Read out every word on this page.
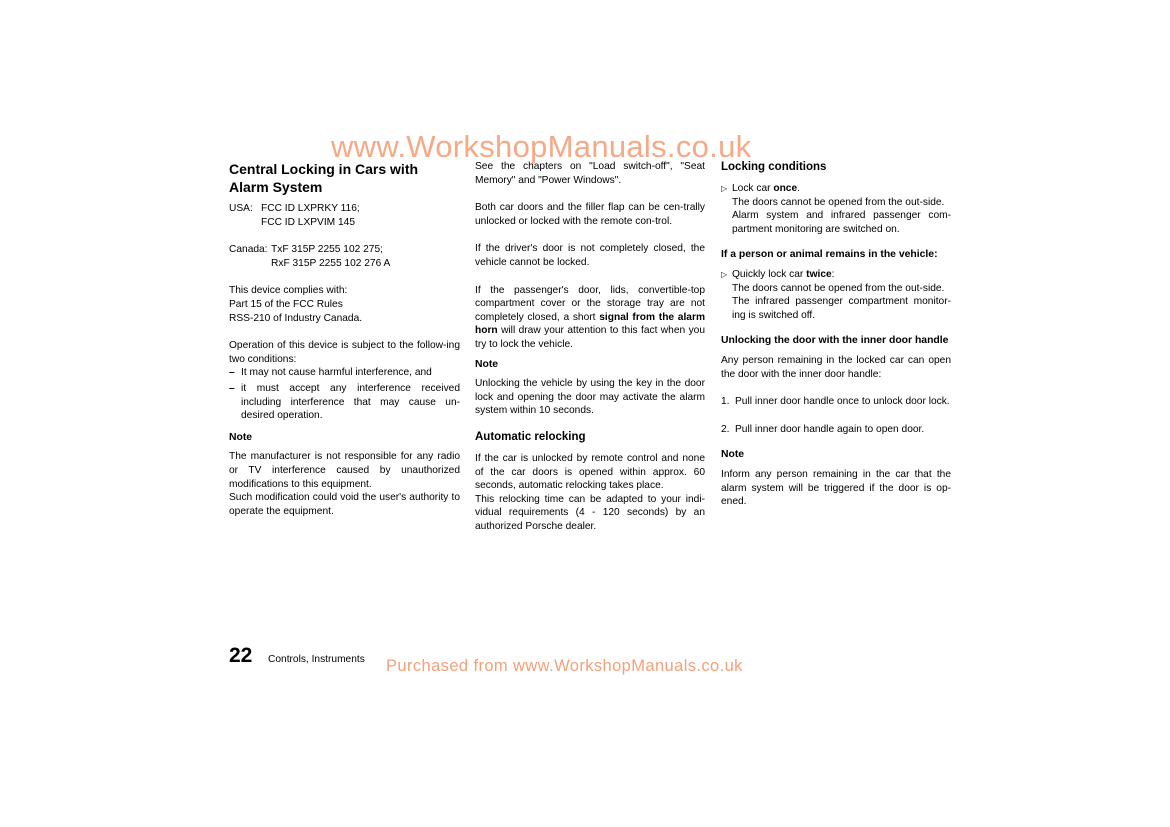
Central Locking in Cars with Alarm System

USA: FCC ID LXPRKY 116;
FCC ID LXPVIM 145
Canada: TxF 315P 2255 102 275;
RxF 315P 2255 102 276 A

This device complies with:

Part 15 of the FCC Rules

RSS-210 of Industry Canada.

Operation of this device is subject to the follow-ing two conditions:

– It may not cause harmful interference, and
– it must accept any interference received including interference that may cause un-desired operation.

Note

The manufacturer is not responsible for any radio or TV interference caused by unauthorized modifications to this equipment.

Such modification could void the user's authority to operate the equipment.

See the chapters on "Load switch-off", "Seat Memory" and "Power Windows".

Both car doors and the filler flap can be cen-trally unlocked or locked with the remote con-trol.

If the driver's door is not completely closed, the vehicle cannot be locked.

If the passenger's door, lids, convertible-top compartment cover or the storage tray are not completely closed, a short signal from the alarm horn will draw your attention to this fact when you try to lock the vehicle.

Note

Unlocking the vehicle by using the key in the door lock and opening the door may activate the alarm system within 10 seconds.

Automatic relocking

If the car is unlocked by remote control and none of the car doors is opened within approx. 60 seconds, automatic relocking takes place.

This relocking time can be adapted to your indi-vidual requirements (4 - 120 seconds) by an authorized Porsche dealer.

Locking conditions

▷ Lock car once.
The doors cannot be opened from the out-side.
Alarm system and infrared passenger com-partment monitoring are switched on.

If a person or animal remains in the vehicle:

▷ Quickly lock car twice:
The doors cannot be opened from the out-side.
The infrared passenger compartment monitor-ing is switched off.

Unlocking the door with the inner door handle

Any person remaining in the locked car can open the door with the inner door handle:

1. Pull inner door handle once to unlock door lock.
2. Pull inner door handle again to open door.

Note

Inform any person remaining in the car that the alarm system will be triggered if the door is op-ened.

22 Controls, Instruments
www.WorkshopManuals.co.uk
Purchased from www.WorkshopManuals.co.uk
